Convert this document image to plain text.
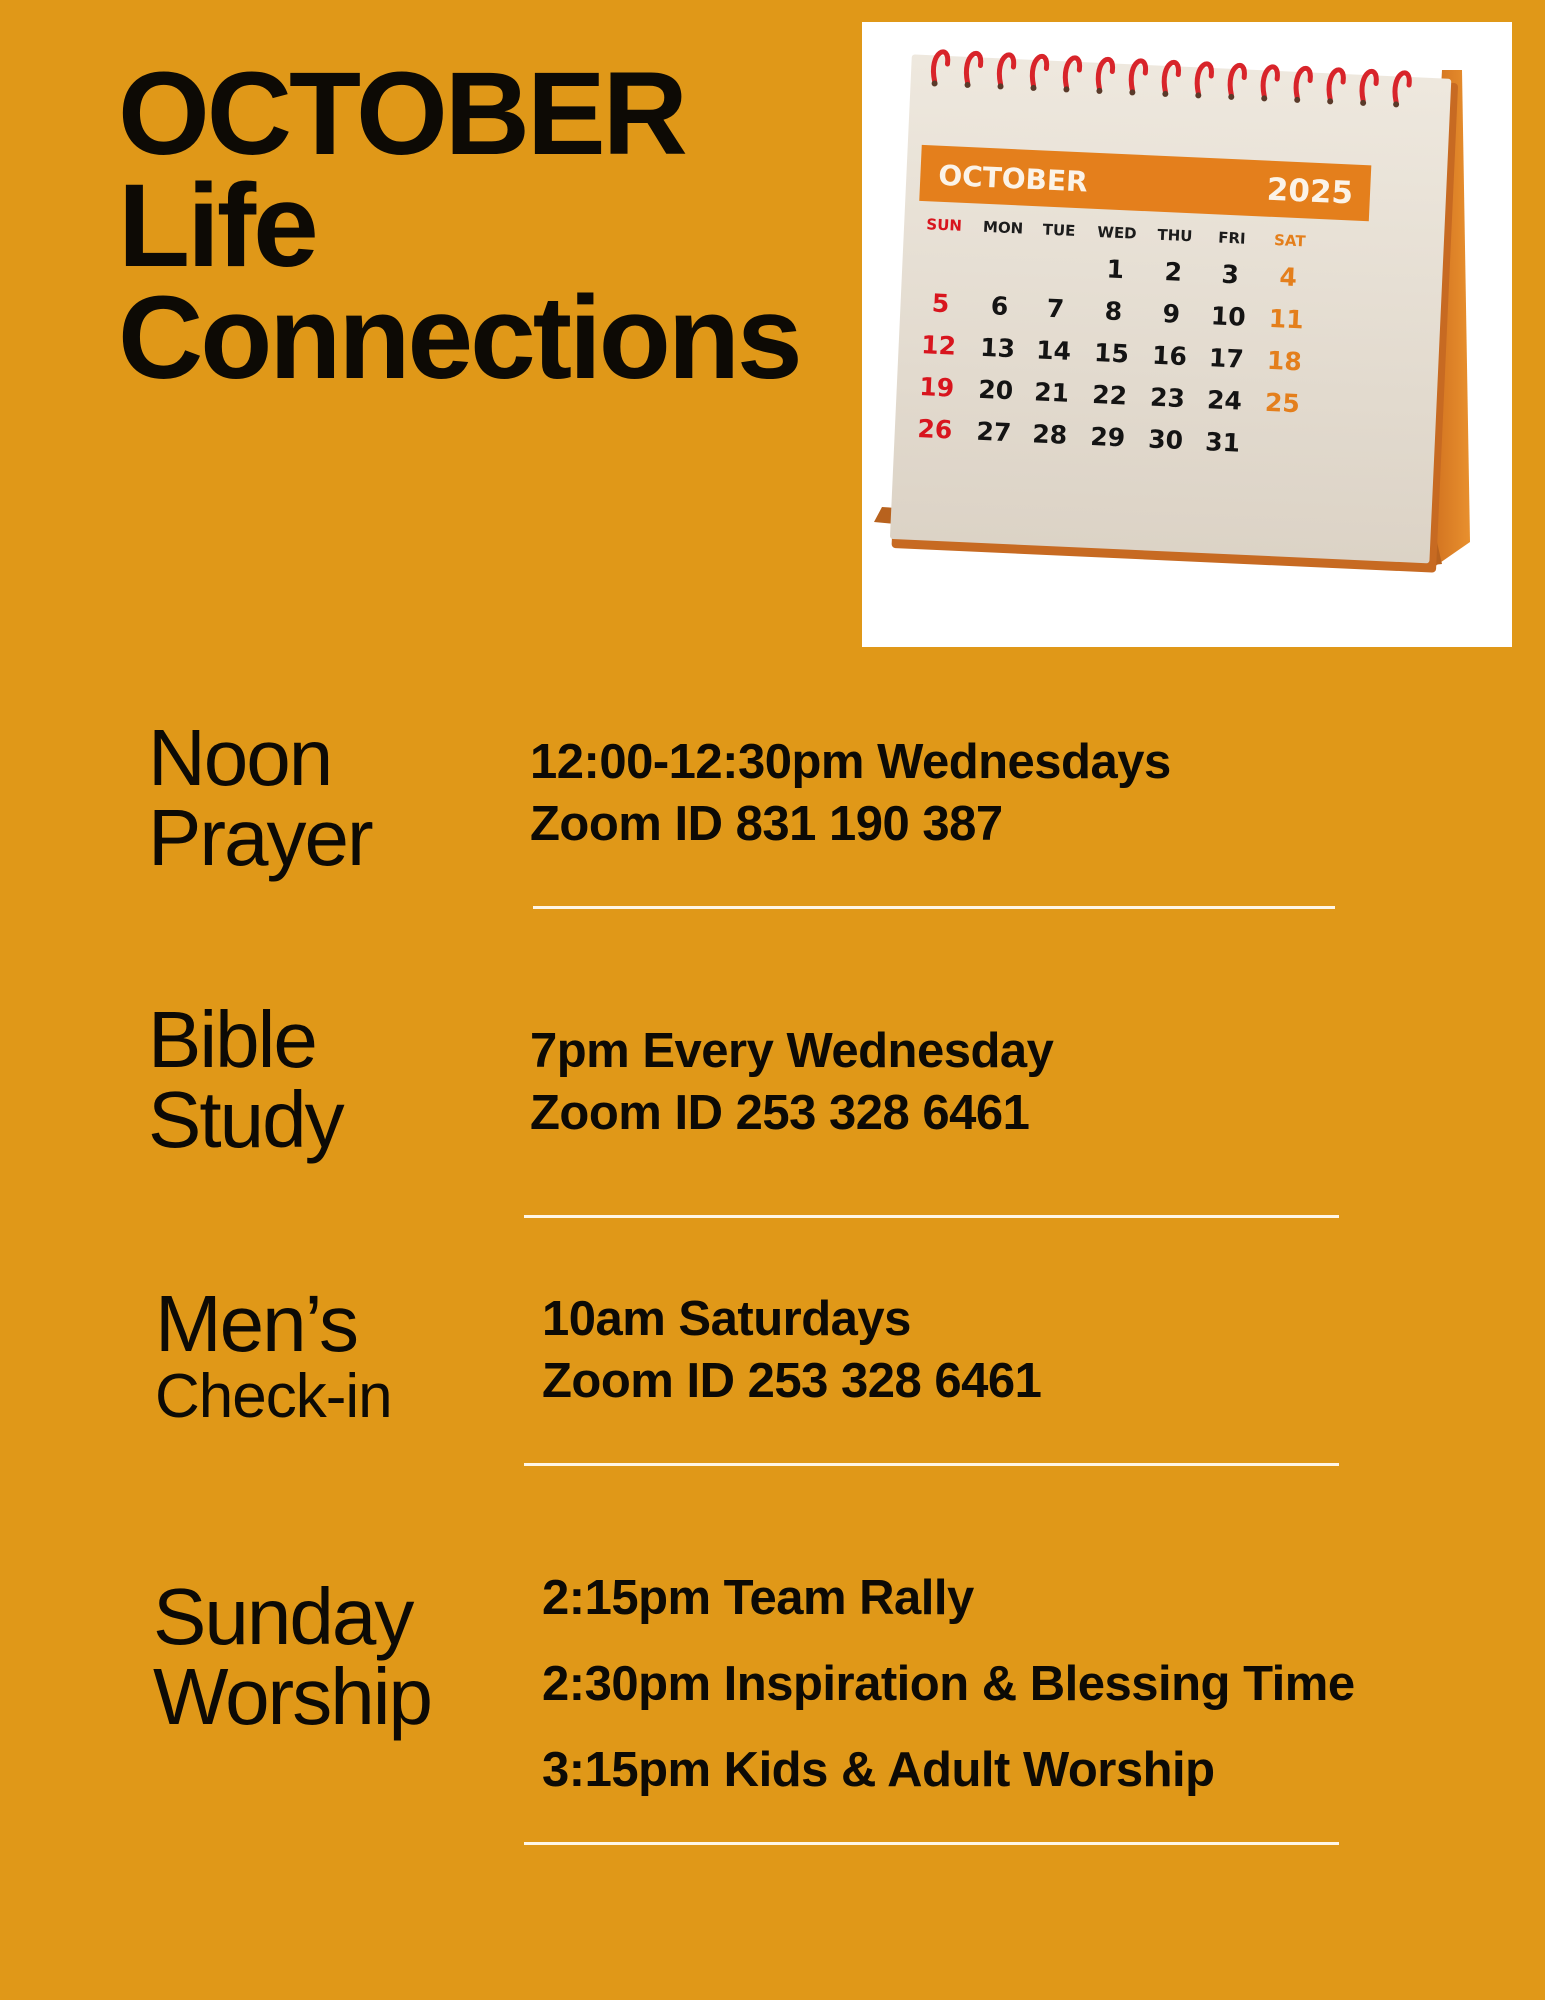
OCTOBER
Life
Connections
OCTOBER	2025
SUN MON TUE WED THU FRI SAT
1 2 3 4
5 6 7 8 9 10 11
12 13 14 15 16 17 18
19 20 21 22 23 24 25
26 27 28 29 30 31
Noon
Prayer
12:00-12:30pm Wednesdays
Zoom ID 831 190 387
Bible
Study
7pm Every Wednesday
Zoom ID 253 328 6461
Men’s
Check-in
10am Saturdays
Zoom ID 253 328 6461
Sunday
Worship
2:15pm Team Rally
2:30pm Inspiration & Blessing Time
3:15pm Kids & Adult Worship
